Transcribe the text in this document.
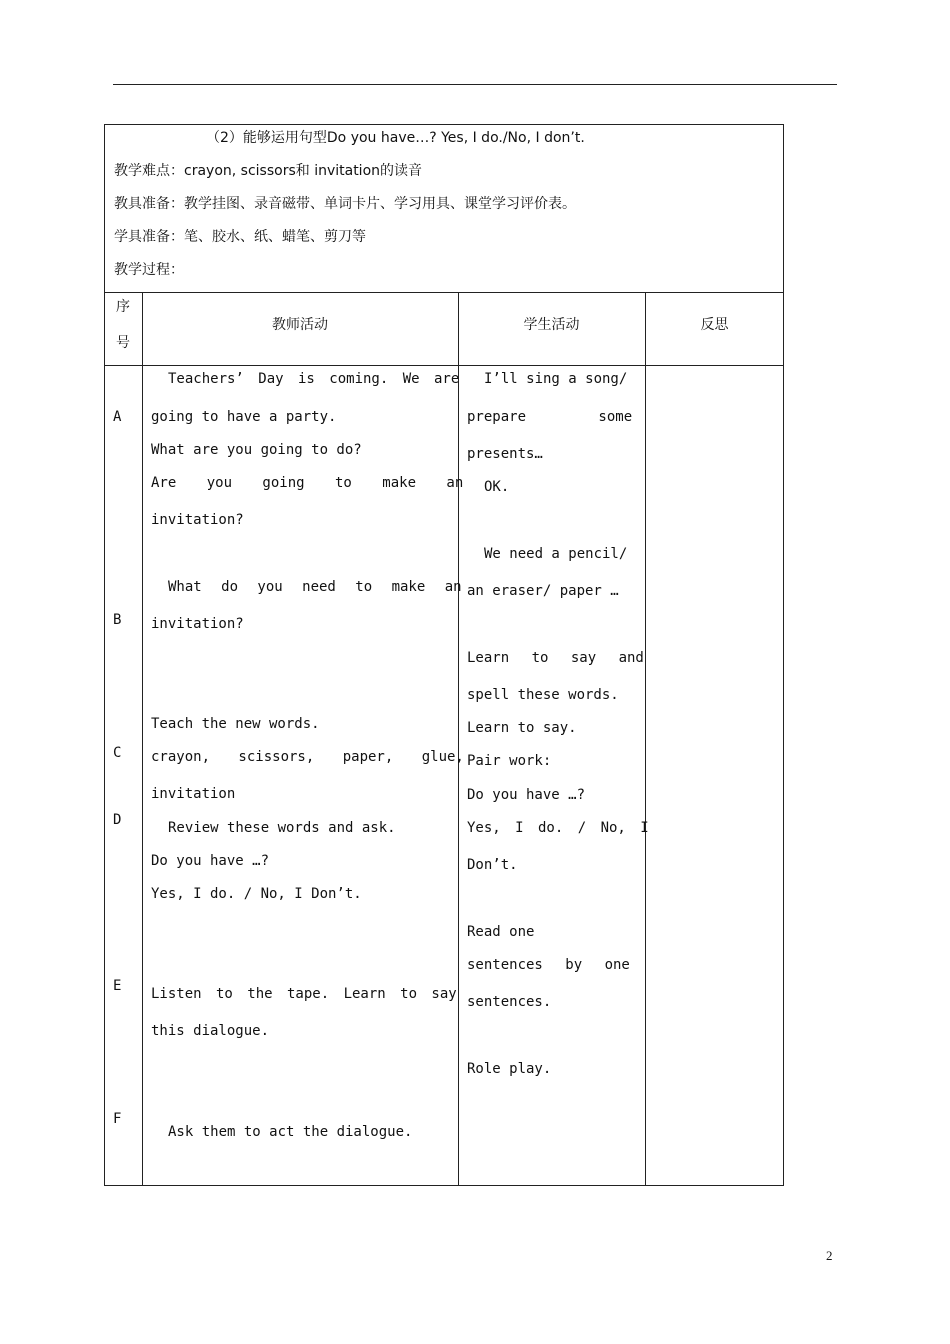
（2）能够运用句型Do you have…? Yes, I do./No, I don’t.
教学难点：crayon, scissors和 invitation的读音
教具准备：教学挂图、录音磁带、单词卡片、学习用具、课堂学习评价表。
学具准备：笔、胶水、纸、蜡笔、剪刀等
教学过程：
序
号
教师活动	学生活动	反思
A
B
C
D
E
F
Teachers’ Day is coming. We are
going to have a party.
What are you going to do?
Are you going to make an
invitation?
What do you need to make an
invitation?
Teach the new words.
crayon, scissors, paper, glue,
invitation
Review these words and ask.
Do you have …?
Yes, I do. / No, I Don’t.
Listen to the tape. Learn to say
this dialogue.
Ask them to act the dialogue.
I’ll sing a song/
prepare some
presents…
OK.
We need a pencil/
an eraser/ paper …
Learn to say and
spell these words.
Learn to say.
Pair work:
Do you have …?
Yes, I do. / No, I
Don’t.
Read one
sentences by one
sentences.
Role play.
2
